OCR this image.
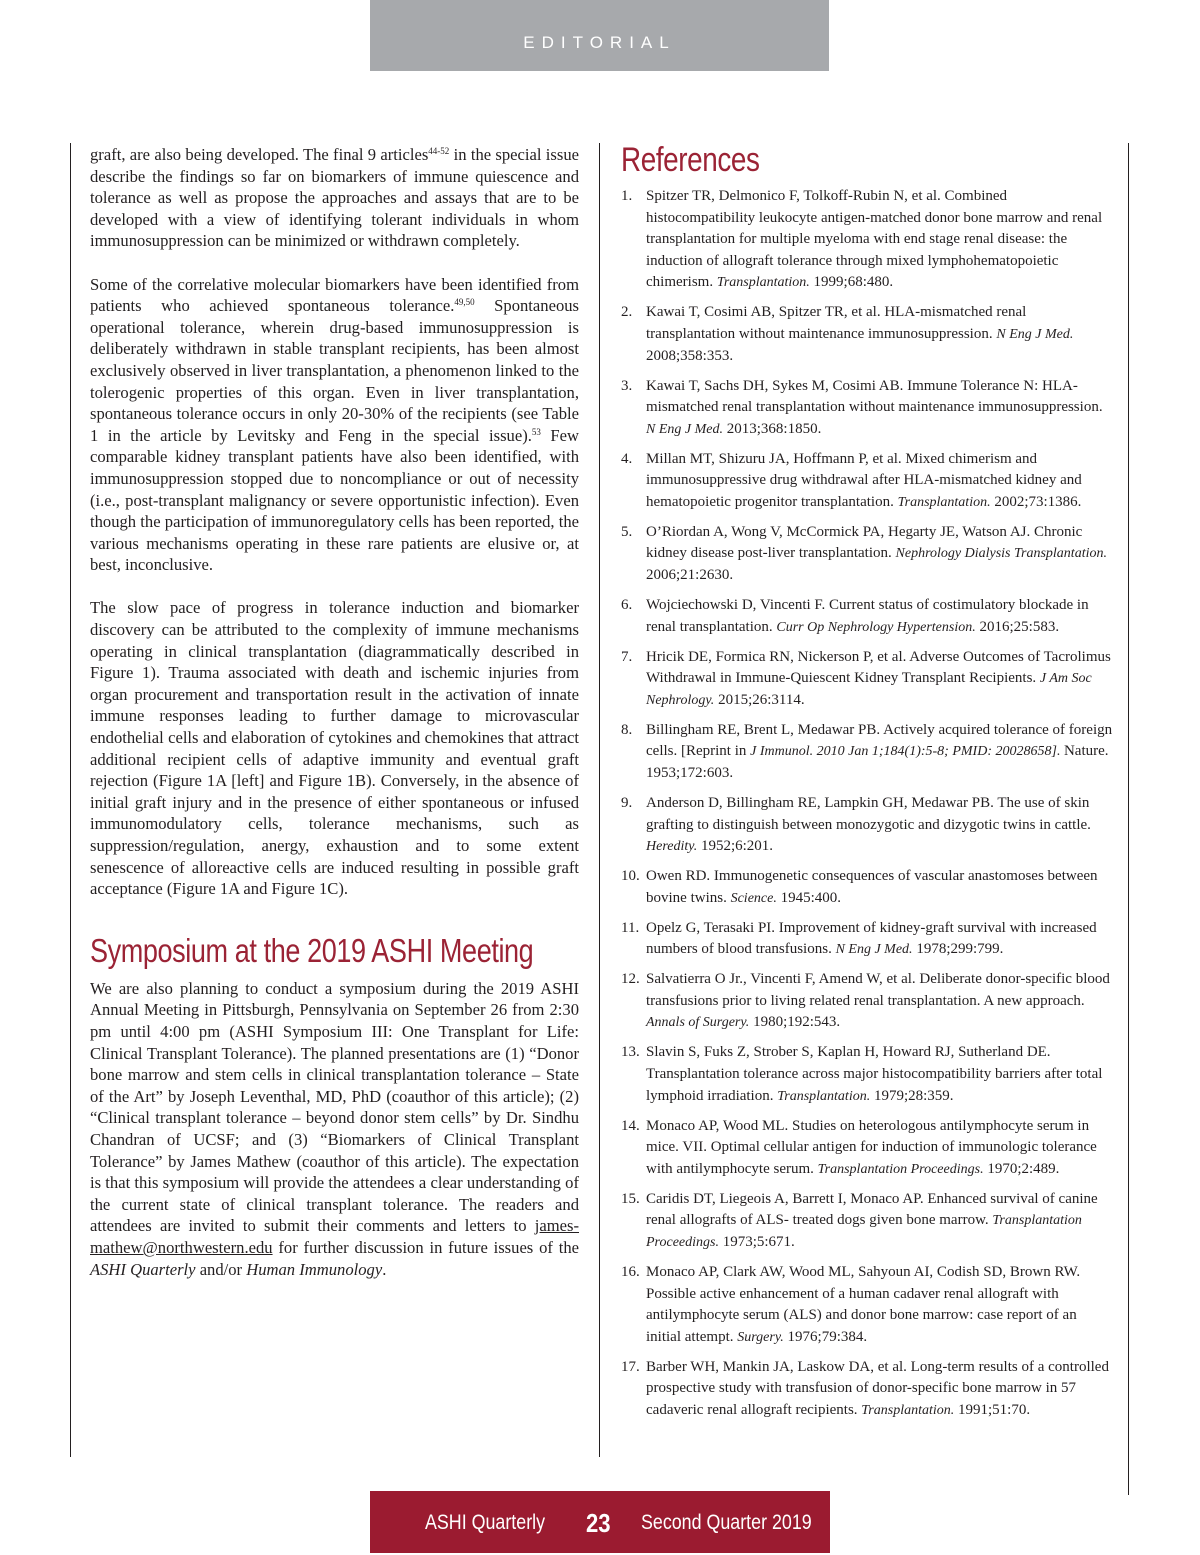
EDITORIAL

graft, are also being developed. The final 9 articles$^{44-52}$ in the special issue describe the findings so far on biomarkers of immune quiescence and tolerance as well as propose the approaches and assays that are to be developed with a view of identifying tolerant individuals in whom immunosuppression can be minimized or withdrawn completely.

Some of the correlative molecular biomarkers have been identified from patients who achieved spontaneous tolerance.$^{49,50}$ Spontaneous operational tolerance, wherein drug-based immunosuppression is deliberately withdrawn in stable transplant recipients, has been almost exclusively observed in liver transplantation, a phenomenon linked to the tolerogenic properties of this organ. Even in liver transplantation, spontaneous tolerance occurs in only 20-30% of the recipients (see Table 1 in the article by Levitsky and Feng in the special issue).$^{53}$ Few comparable kidney transplant patients have also been identified, with immunosuppression stopped due to noncompliance or out of necessity (i.e., post-transplant malignancy or severe opportunistic infection). Even though the participation of immunoregulatory cells has been reported, the various mechanisms operating in these rare patients are elusive or, at best, inconclusive.

The slow pace of progress in tolerance induction and biomarker discovery can be attributed to the complexity of immune mechanisms operating in clinical transplantation (diagrammatically described in Figure 1). Trauma associated with death and ischemic injuries from organ procurement and transportation result in the activation of innate immune responses leading to further damage to microvascular endothelial cells and elaboration of cytokines and chemokines that attract additional recipient cells of adaptive immunity and eventual graft rejection (Figure 1A [left] and Figure 1B). Conversely, in the absence of initial graft injury and in the presence of either spontaneous or infused immunomodulatory cells, tolerance mechanisms, such as suppression/regulation, anergy, exhaustion and to some extent senescence of alloreactive cells are induced resulting in possible graft acceptance (Figure 1A and Figure 1C).

Symposium at the 2019 ASHI Meeting

We are also planning to conduct a symposium during the 2019 ASHI Annual Meeting in Pittsburgh, Pennsylvania on September 26 from 2:30 pm until 4:00 pm (ASHI Symposium III: One Transplant for Life: Clinical Transplant Tolerance). The planned presentations are (1) “Donor bone marrow and stem cells in clinical transplantation tolerance – State of the Art” by Joseph Leventhal, MD, PhD (coauthor of this article); (2) “Clinical transplant tolerance – beyond donor stem cells” by Dr. Sindhu Chandran of UCSF; and (3) “Biomarkers of Clinical Transplant Tolerance” by James Mathew (coauthor of this article). The expectation is that this symposium will provide the attendees a clear understanding of the current state of clinical transplant tolerance. The readers and attendees are invited to submit their comments and letters to james-mathew@northwestern.edu for further discussion in future issues of the ASHI Quarterly and/or Human Immunology.

References
1. Spitzer TR, Delmonico F, Tolkoff-Rubin N, et al. Combined histocompatibility leukocyte antigen-matched donor bone marrow and renal transplantation for multiple myeloma with end stage renal disease: the induction of allograft tolerance through mixed lymphohematopoietic chimerism. Transplantation. 1999;68:480.
2. Kawai T, Cosimi AB, Spitzer TR, et al. HLA-mismatched renal transplantation without maintenance immunosuppression. N Eng J Med. 2008;358:353.
3. Kawai T, Sachs DH, Sykes M, Cosimi AB. Immune Tolerance N: HLA-mismatched renal transplantation without maintenance immunosuppression. N Eng J Med. 2013;368:1850.
4. Millan MT, Shizuru JA, Hoffmann P, et al. Mixed chimerism and immunosuppressive drug withdrawal after HLA-mismatched kidney and hematopoietic progenitor transplantation. Transplantation. 2002;73:1386.
5. O’Riordan A, Wong V, McCormick PA, Hegarty JE, Watson AJ. Chronic kidney disease post-liver transplantation. Nephrology Dialysis Transplantation. 2006;21:2630.
6. Wojciechowski D, Vincenti F. Current status of costimulatory blockade in renal transplantation. Curr Op Nephrology Hypertension. 2016;25:583.
7. Hricik DE, Formica RN, Nickerson P, et al. Adverse Outcomes of Tacrolimus Withdrawal in Immune-Quiescent Kidney Transplant Recipients. J Am Soc Nephrology. 2015;26:3114.
8. Billingham RE, Brent L, Medawar PB. Actively acquired tolerance of foreign cells. [Reprint in J Immunol. 2010 Jan 1;184(1):5-8; PMID: 20028658]. Nature. 1953;172:603.
9. Anderson D, Billingham RE, Lampkin GH, Medawar PB. The use of skin grafting to distinguish between monozygotic and dizygotic twins in cattle. Heredity. 1952;6:201.
10. Owen RD. Immunogenetic consequences of vascular anastomoses between bovine twins. Science. 1945:400.
11. Opelz G, Terasaki PI. Improvement of kidney-graft survival with increased numbers of blood transfusions. N Eng J Med. 1978;299:799.
12. Salvatierra O Jr., Vincenti F, Amend W, et al. Deliberate donor-specific blood transfusions prior to living related renal transplantation. A new approach. Annals of Surgery. 1980;192:543.
13. Slavin S, Fuks Z, Strober S, Kaplan H, Howard RJ, Sutherland DE. Transplantation tolerance across major histocompatibility barriers after total lymphoid irradiation. Transplantation. 1979;28:359.
14. Monaco AP, Wood ML. Studies on heterologous antilymphocyte serum in mice. VII. Optimal cellular antigen for induction of immunologic tolerance with antilymphocyte serum. Transplantation Proceedings. 1970;2:489.
15. Caridis DT, Liegeois A, Barrett I, Monaco AP. Enhanced survival of canine renal allografts of ALS- treated dogs given bone marrow. Transplantation Proceedings. 1973;5:671.
16. Monaco AP, Clark AW, Wood ML, Sahyoun AI, Codish SD, Brown RW. Possible active enhancement of a human cadaver renal allograft with antilymphocyte serum (ALS) and donor bone marrow: case report of an initial attempt. Surgery. 1976;79:384.
17. Barber WH, Mankin JA, Laskow DA, et al. Long-term results of a controlled prospective study with transfusion of donor-specific bone marrow in 57 cadaveric renal allograft recipients. Transplantation. 1991;51:70.
ASHI Quarterly 23 Second Quarter 2019
